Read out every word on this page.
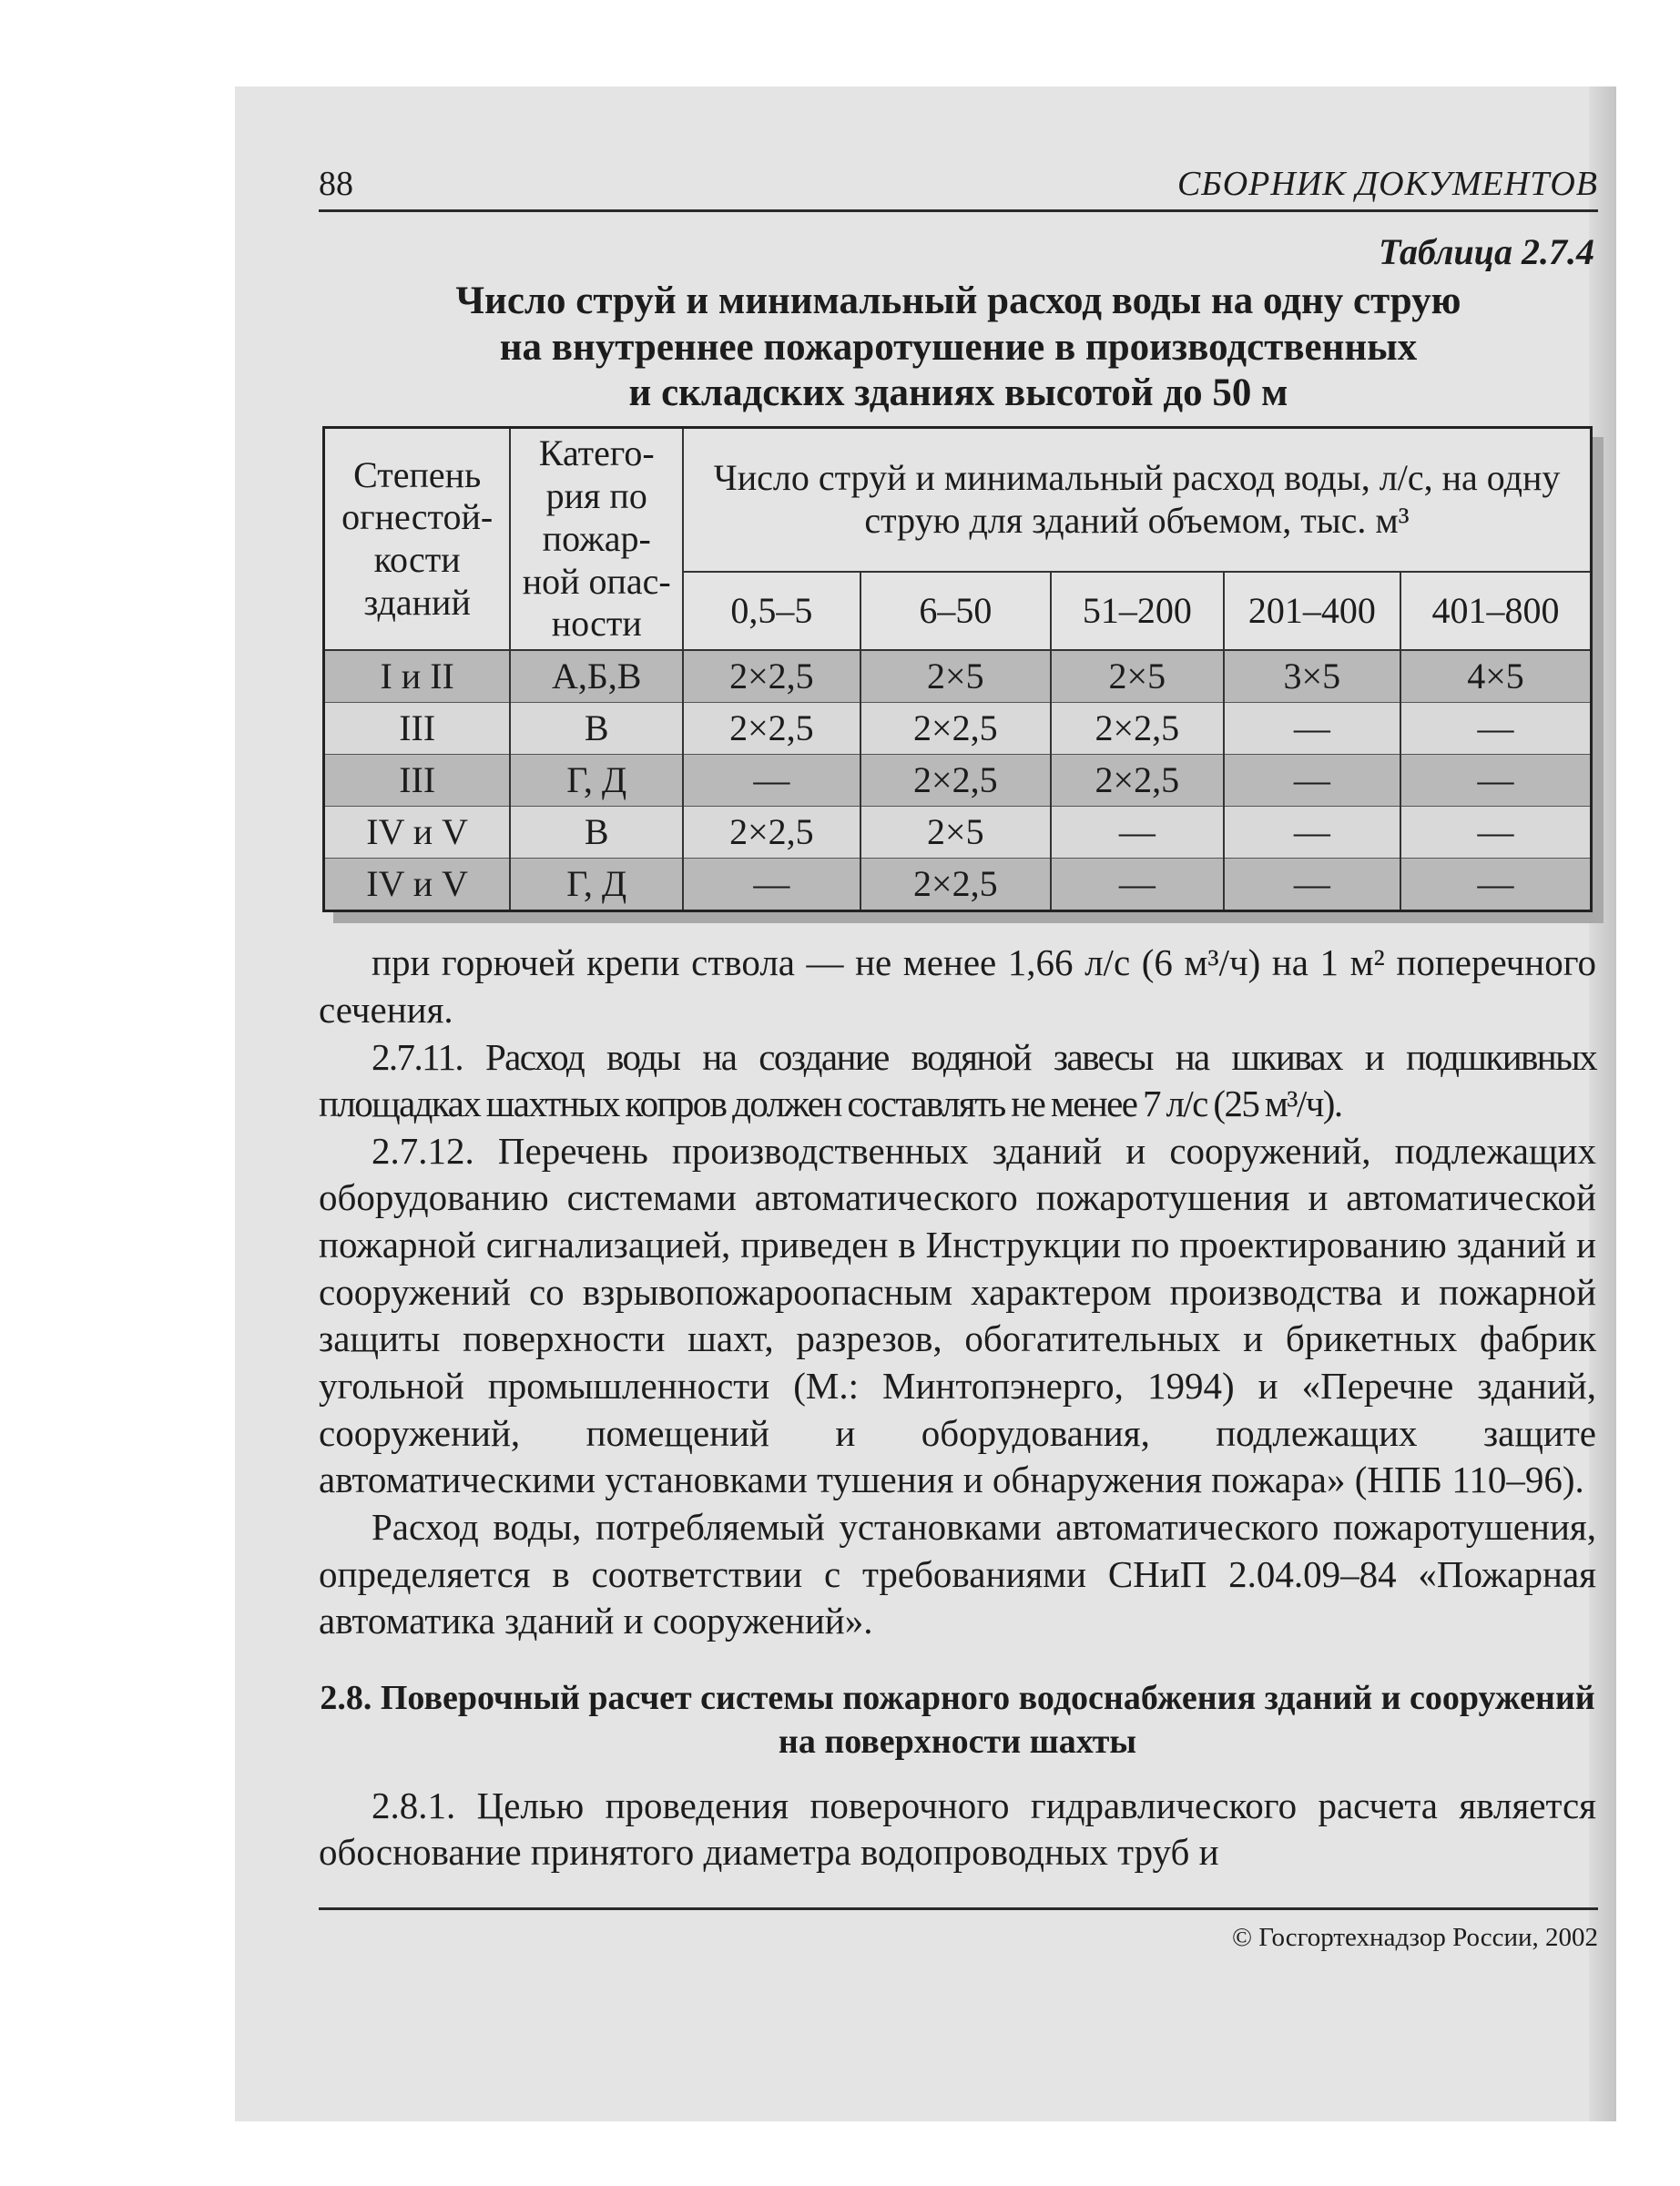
88	СБОРНИК ДОКУМЕНТОВ
Таблица 2.7.4
Число струй и минимальный расход воды на одну струю
на внутреннее пожаротушение в производственных
и складских зданиях высотой до 50 м
Степень огнестой-кости зданий	Катего-рия по пожар-ной опас-ности	Число струй и минимальный расход воды, л/с, на одну струю для зданий объемом, тыс. м³				
		0,5–5	6–50	51–200	201–400	401–800
I и II	А,Б,В	2×2,5	2×5	2×5	3×5	4×5
III	В	2×2,5	2×2,5	2×2,5	—	—
III	Г, Д	—	2×2,5	2×2,5	—	—
IV и V	В	2×2,5	2×5	—	—	—
IV и V	Г, Д	—	2×2,5	—	—	—

при горючей крепи ствола — не менее 1,66 л/с (6 м³/ч) на 1 м² поперечного сечения.

2.7.11. Расход воды на создание водяной завесы на шкивах и подшкивных площадках шахтных копров должен составлять не менее 7 л/с (25 м³/ч).

2.7.12. Перечень производственных зданий и сооружений, подлежащих оборудованию системами автоматического пожаротушения и автоматической пожарной сигнализацией, приведен в Инструкции по проектированию зданий и сооружений со взрывопожароопасным характером производства и пожарной защиты поверхности шахт, разрезов, обогатительных и брикетных фабрик угольной промышленности (М.: Минтопэнерго, 1994) и «Перечне зданий, сооружений, помещений и оборудования, подлежащих защите автоматическими установками тушения и обнаружения пожара» (НПБ 110–96).

Расход воды, потребляемый установками автоматического пожаротушения, определяется в соответствии с требованиями СНиП 2.04.09–84 «Пожарная автоматика зданий и сооружений».

2.8. Поверочный расчет системы пожарного водоснабжения зданий и сооружений на поверхности шахты

2.8.1. Целью проведения поверочного гидравлического расчета является обоснование принятого диаметра водопроводных труб и

© Госгортехнадзор России, 2002
